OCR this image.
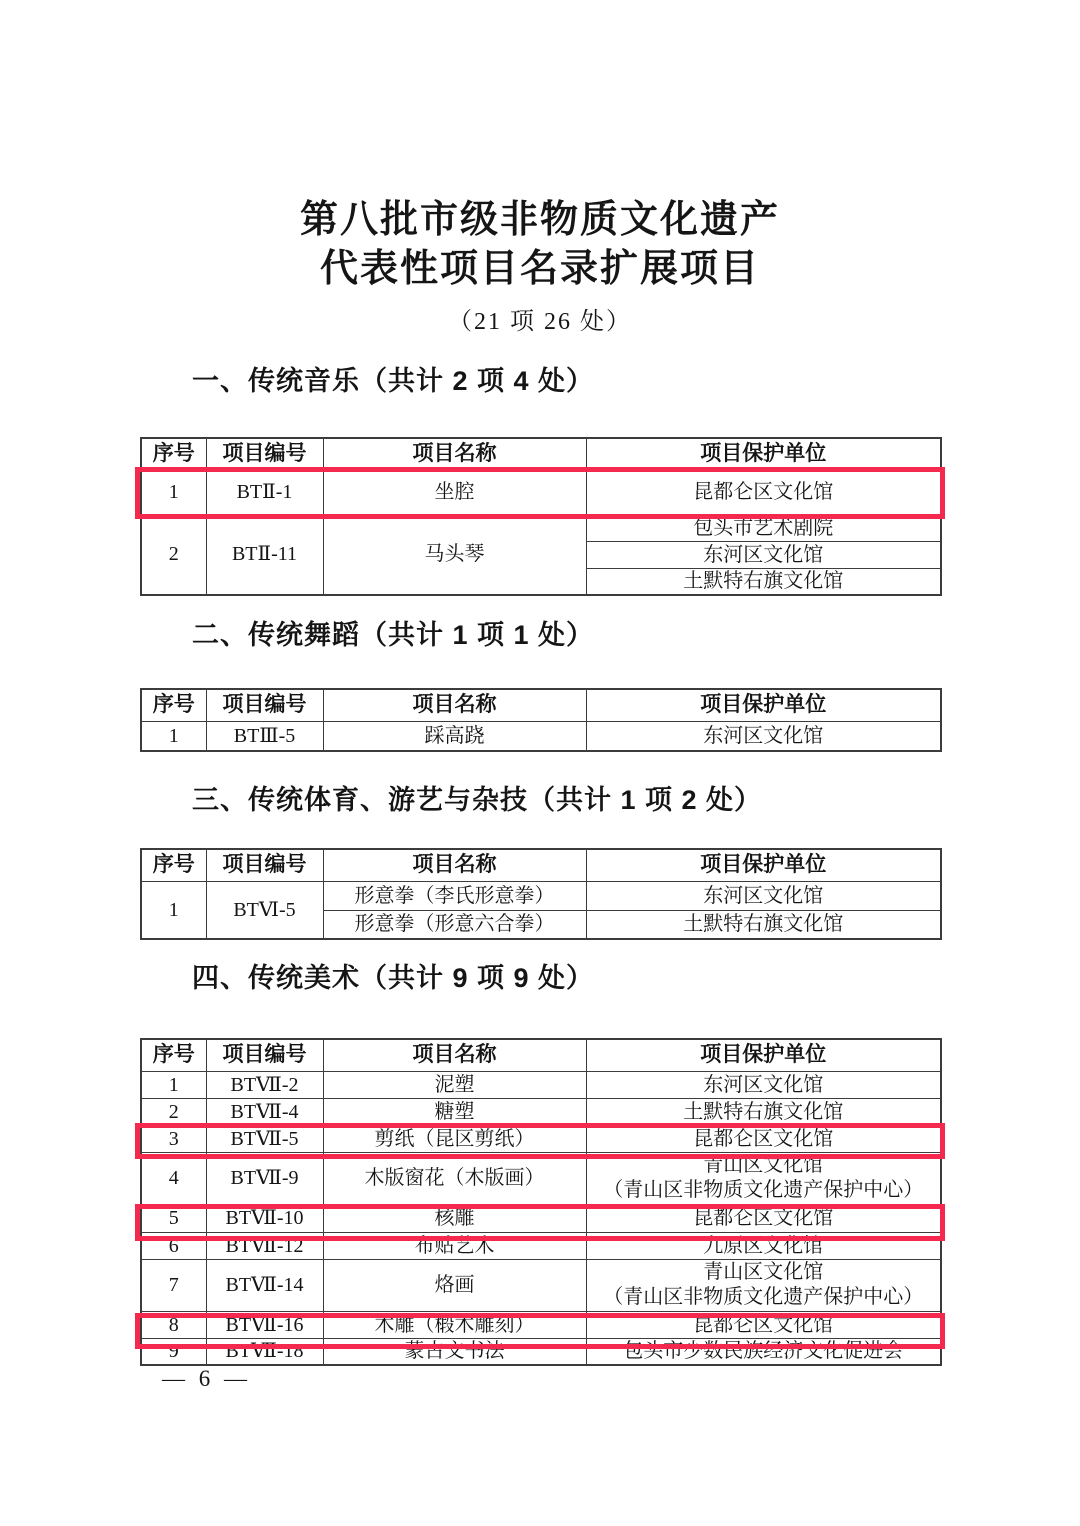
第八批市级非物质文化遗产
代表性项目名录扩展项目
（21 项 26 处）
一、传统音乐（共计 2 项 4 处）
序号	项目编号	项目名称	项目保护单位
1	BTⅡ-1	坐腔	昆都仑区文化馆
2	BTⅡ-11	马头琴	包头市艺术剧院
			东河区文化馆
			土默特右旗文化馆
二、传统舞蹈（共计 1 项 1 处）
序号	项目编号	项目名称	项目保护单位
1	BTⅢ-5	踩高跷	东河区文化馆
三、传统体育、游艺与杂技（共计 1 项 2 处）
序号	项目编号	项目名称	项目保护单位
1	BTⅥ-5	形意拳（李氏形意拳）	东河区文化馆
		形意拳（形意六合拳）	土默特右旗文化馆
四、传统美术（共计 9 项 9 处）
序号	项目编号	项目名称	项目保护单位
1	BTⅦ-2	泥塑	东河区文化馆
2	BTⅦ-4	糖塑	土默特右旗文化馆
3	BTⅦ-5	剪纸（昆区剪纸）	昆都仑区文化馆
4	BTⅦ-9	木版窗花（木版画）	青山区文化馆
（青山区非物质文化遗产保护中心）

5	BTⅦ-10	核雕	昆都仑区文化馆
6	BTⅦ-12	布贴艺术	九原区文化馆
7	BTⅦ-14	烙画	青山区文化馆
（青山区非物质文化遗产保护中心）

8	BTⅦ-16	木雕（椴木雕刻）	昆都仑区文化馆
9	BTⅦ-18	蒙古文书法	包头市少数民族经济文化促进会
— 6 —
